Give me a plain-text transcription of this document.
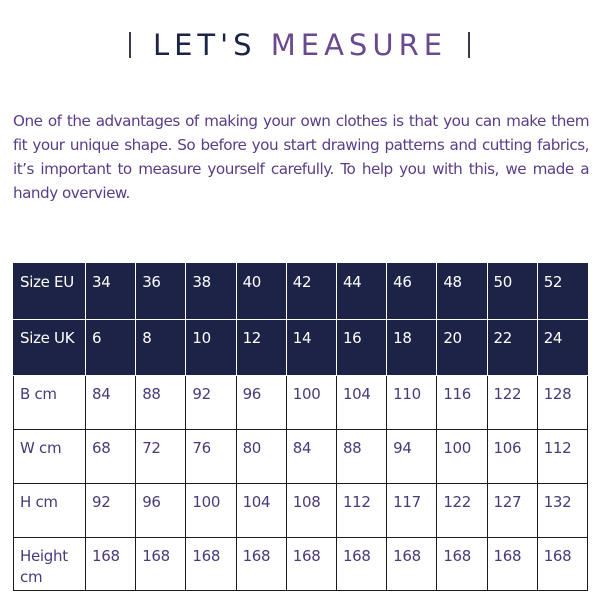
LET'S MEASURE

One of the advantages of making your own clothes is that you can make them fit your unique shape. So before you start drawing patterns and cutting fabrics, it’s important to measure yourself carefully. To help you with this, we made a handy overview.

Size EU	34	36	38	40	42	44	46	48	50	52
Size UK	6	8	10	12	14	16	18	20	22	24
B cm	84	88	92	96	100	104	110	116	122	128
W cm	68	72	76	80	84	88	94	100	106	112
H cm	92	96	100	104	108	112	117	122	127	132
Height cm	168	168	168	168	168	168	168	168	168	168
